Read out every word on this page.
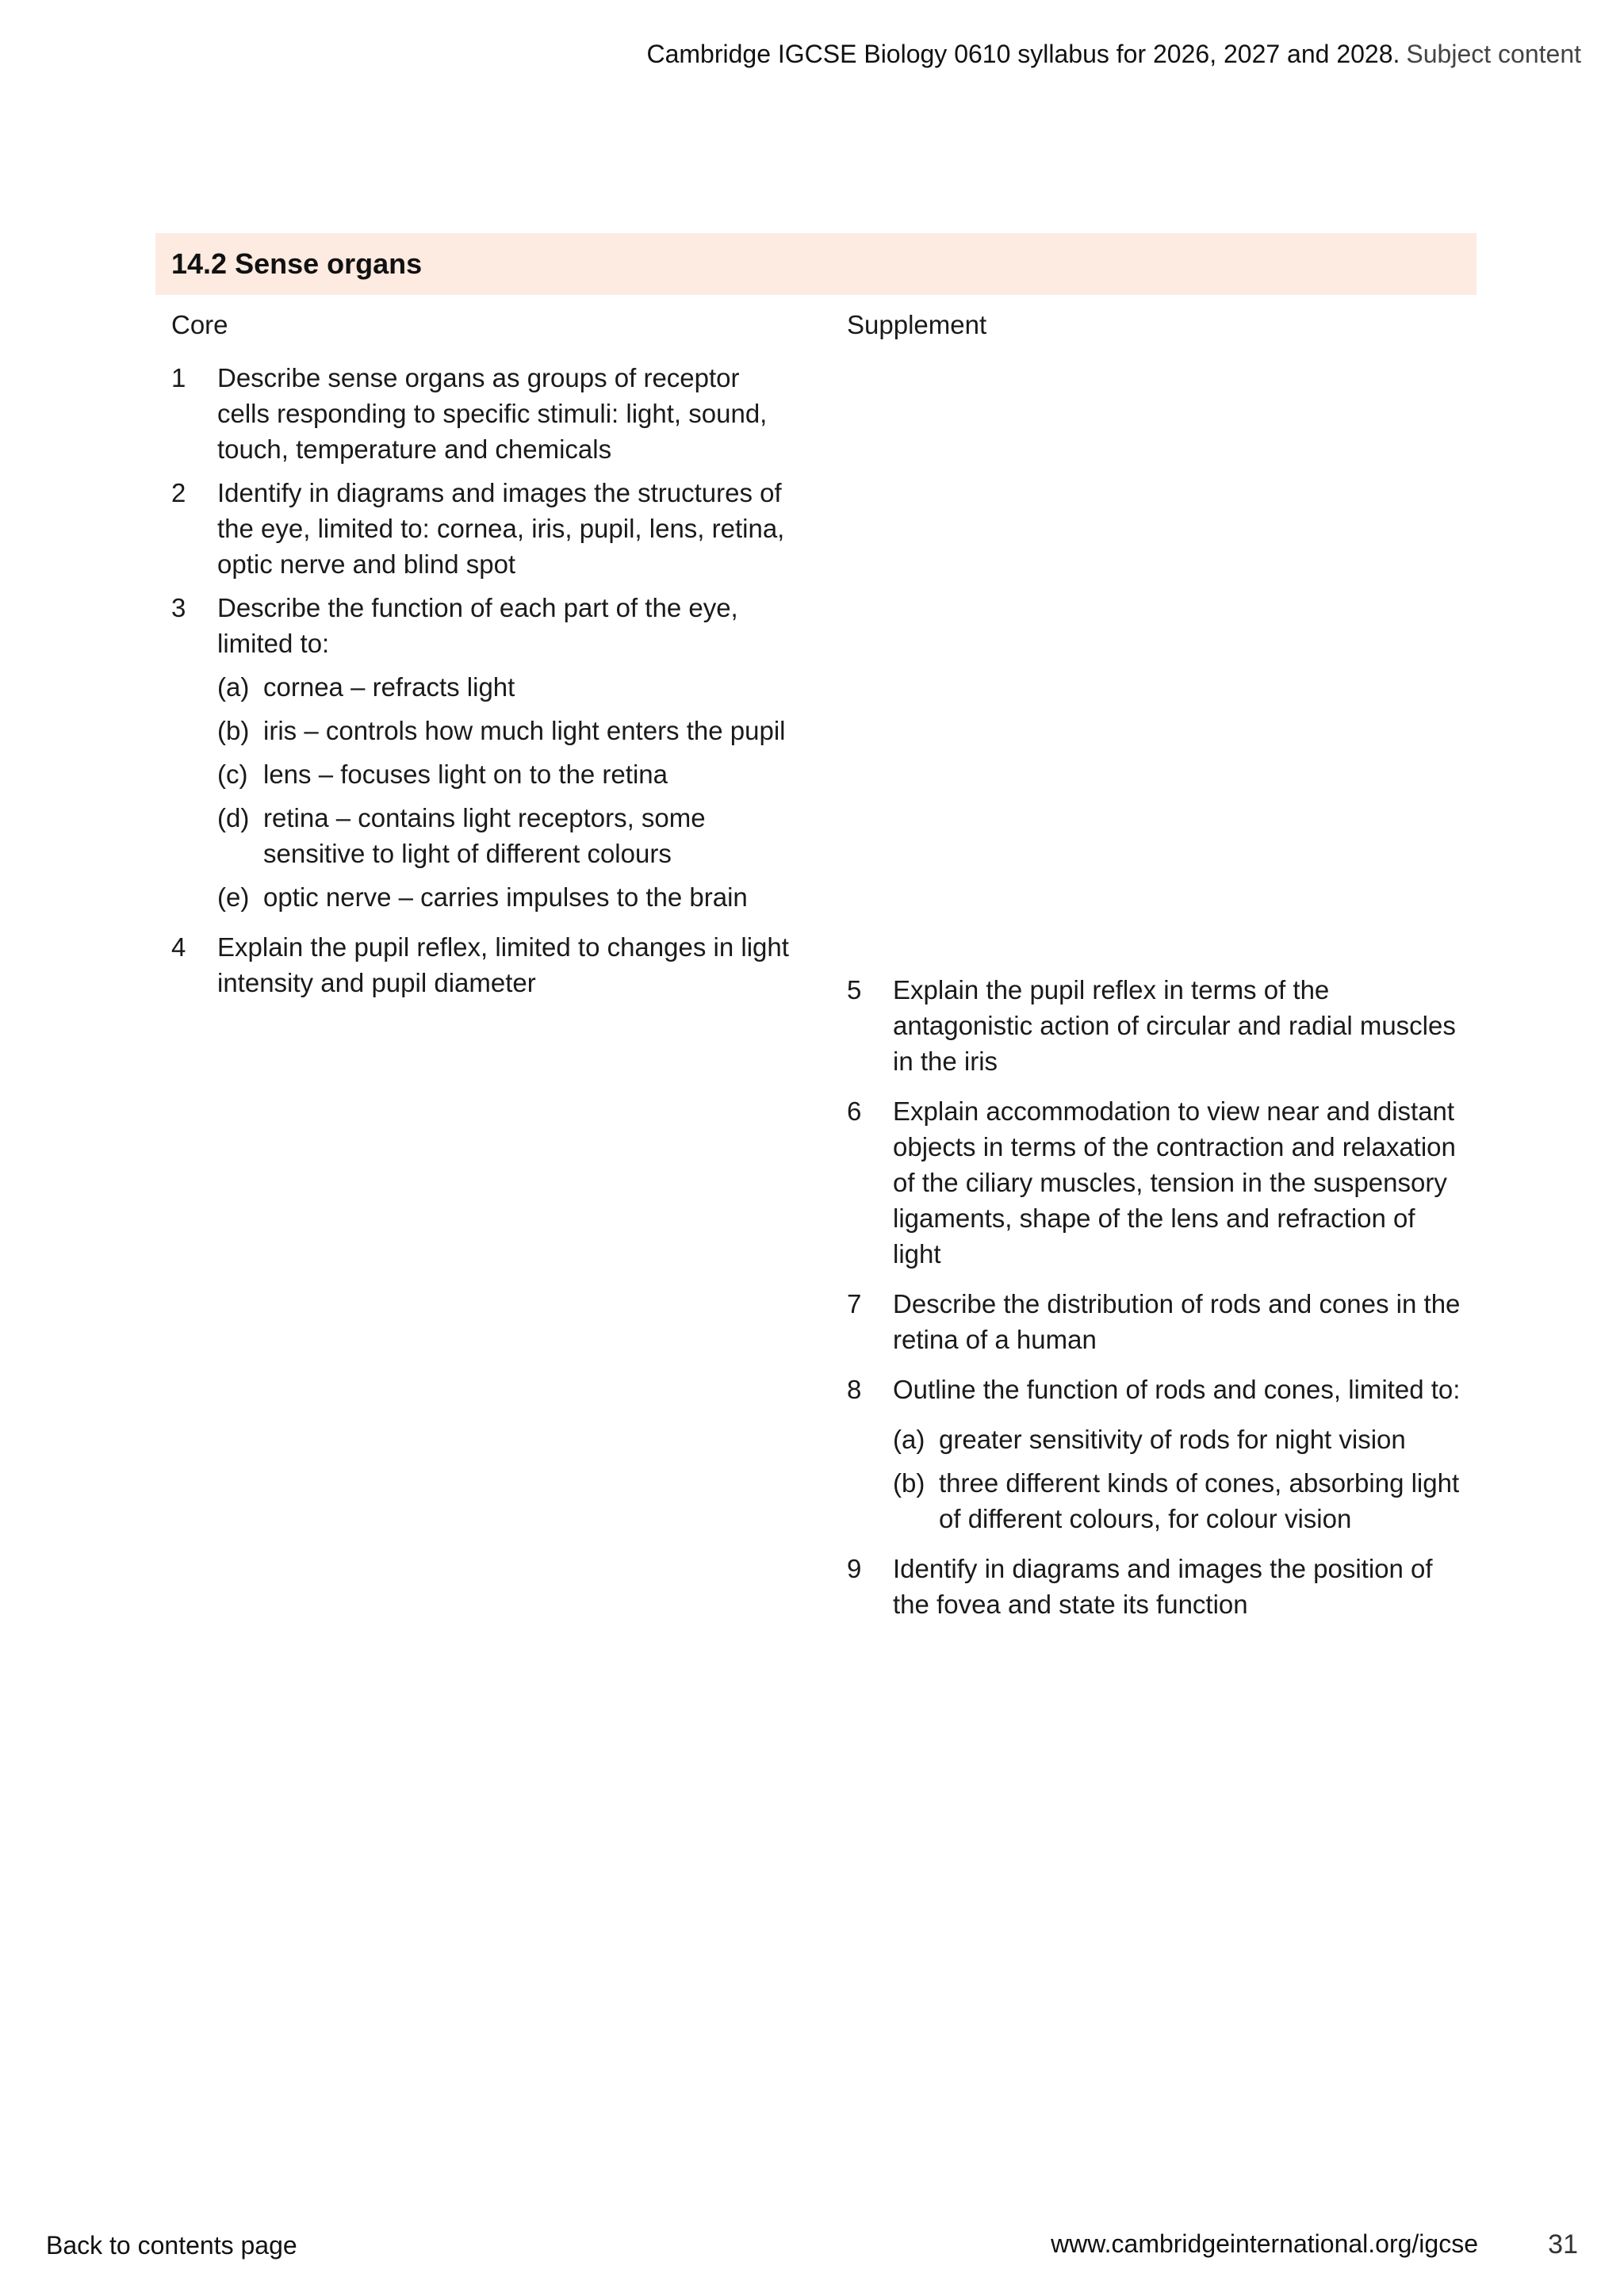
Cambridge IGCSE Biology 0610 syllabus for 2026, 2027 and 2028. Subject content
14.2 Sense organs
Core
1	Describe sense organs as groups of receptor cells responding to specific stimuli: light, sound, touch, temperature and chemicals
2	Identify in diagrams and images the structures of the eye, limited to: cornea, iris, pupil, lens, retina, optic nerve and blind spot
3	Describe the function of each part of the eye, limited to:
(a) cornea – refracts light
(b) iris – controls how much light enters the pupil
(c) lens – focuses light on to the retina
(d) retina – contains light receptors, some sensitive to light of different colours
(e) optic nerve – carries impulses to the brain
4	Explain the pupil reflex, limited to changes in light intensity and pupil diameter
Supplement
5	Explain the pupil reflex in terms of the antagonistic action of circular and radial muscles in the iris
6	Explain accommodation to view near and distant objects in terms of the contraction and relaxation of the ciliary muscles, tension in the suspensory ligaments, shape of the lens and refraction of light
7	Describe the distribution of rods and cones in the retina of a human
8	Outline the function of rods and cones, limited to:
(a) greater sensitivity of rods for night vision
(b) three different kinds of cones, absorbing light of different colours, for colour vision
9	Identify in diagrams and images the position of the fovea and state its function
Back to contents page	www.cambridgeinternational.org/igcse	31
